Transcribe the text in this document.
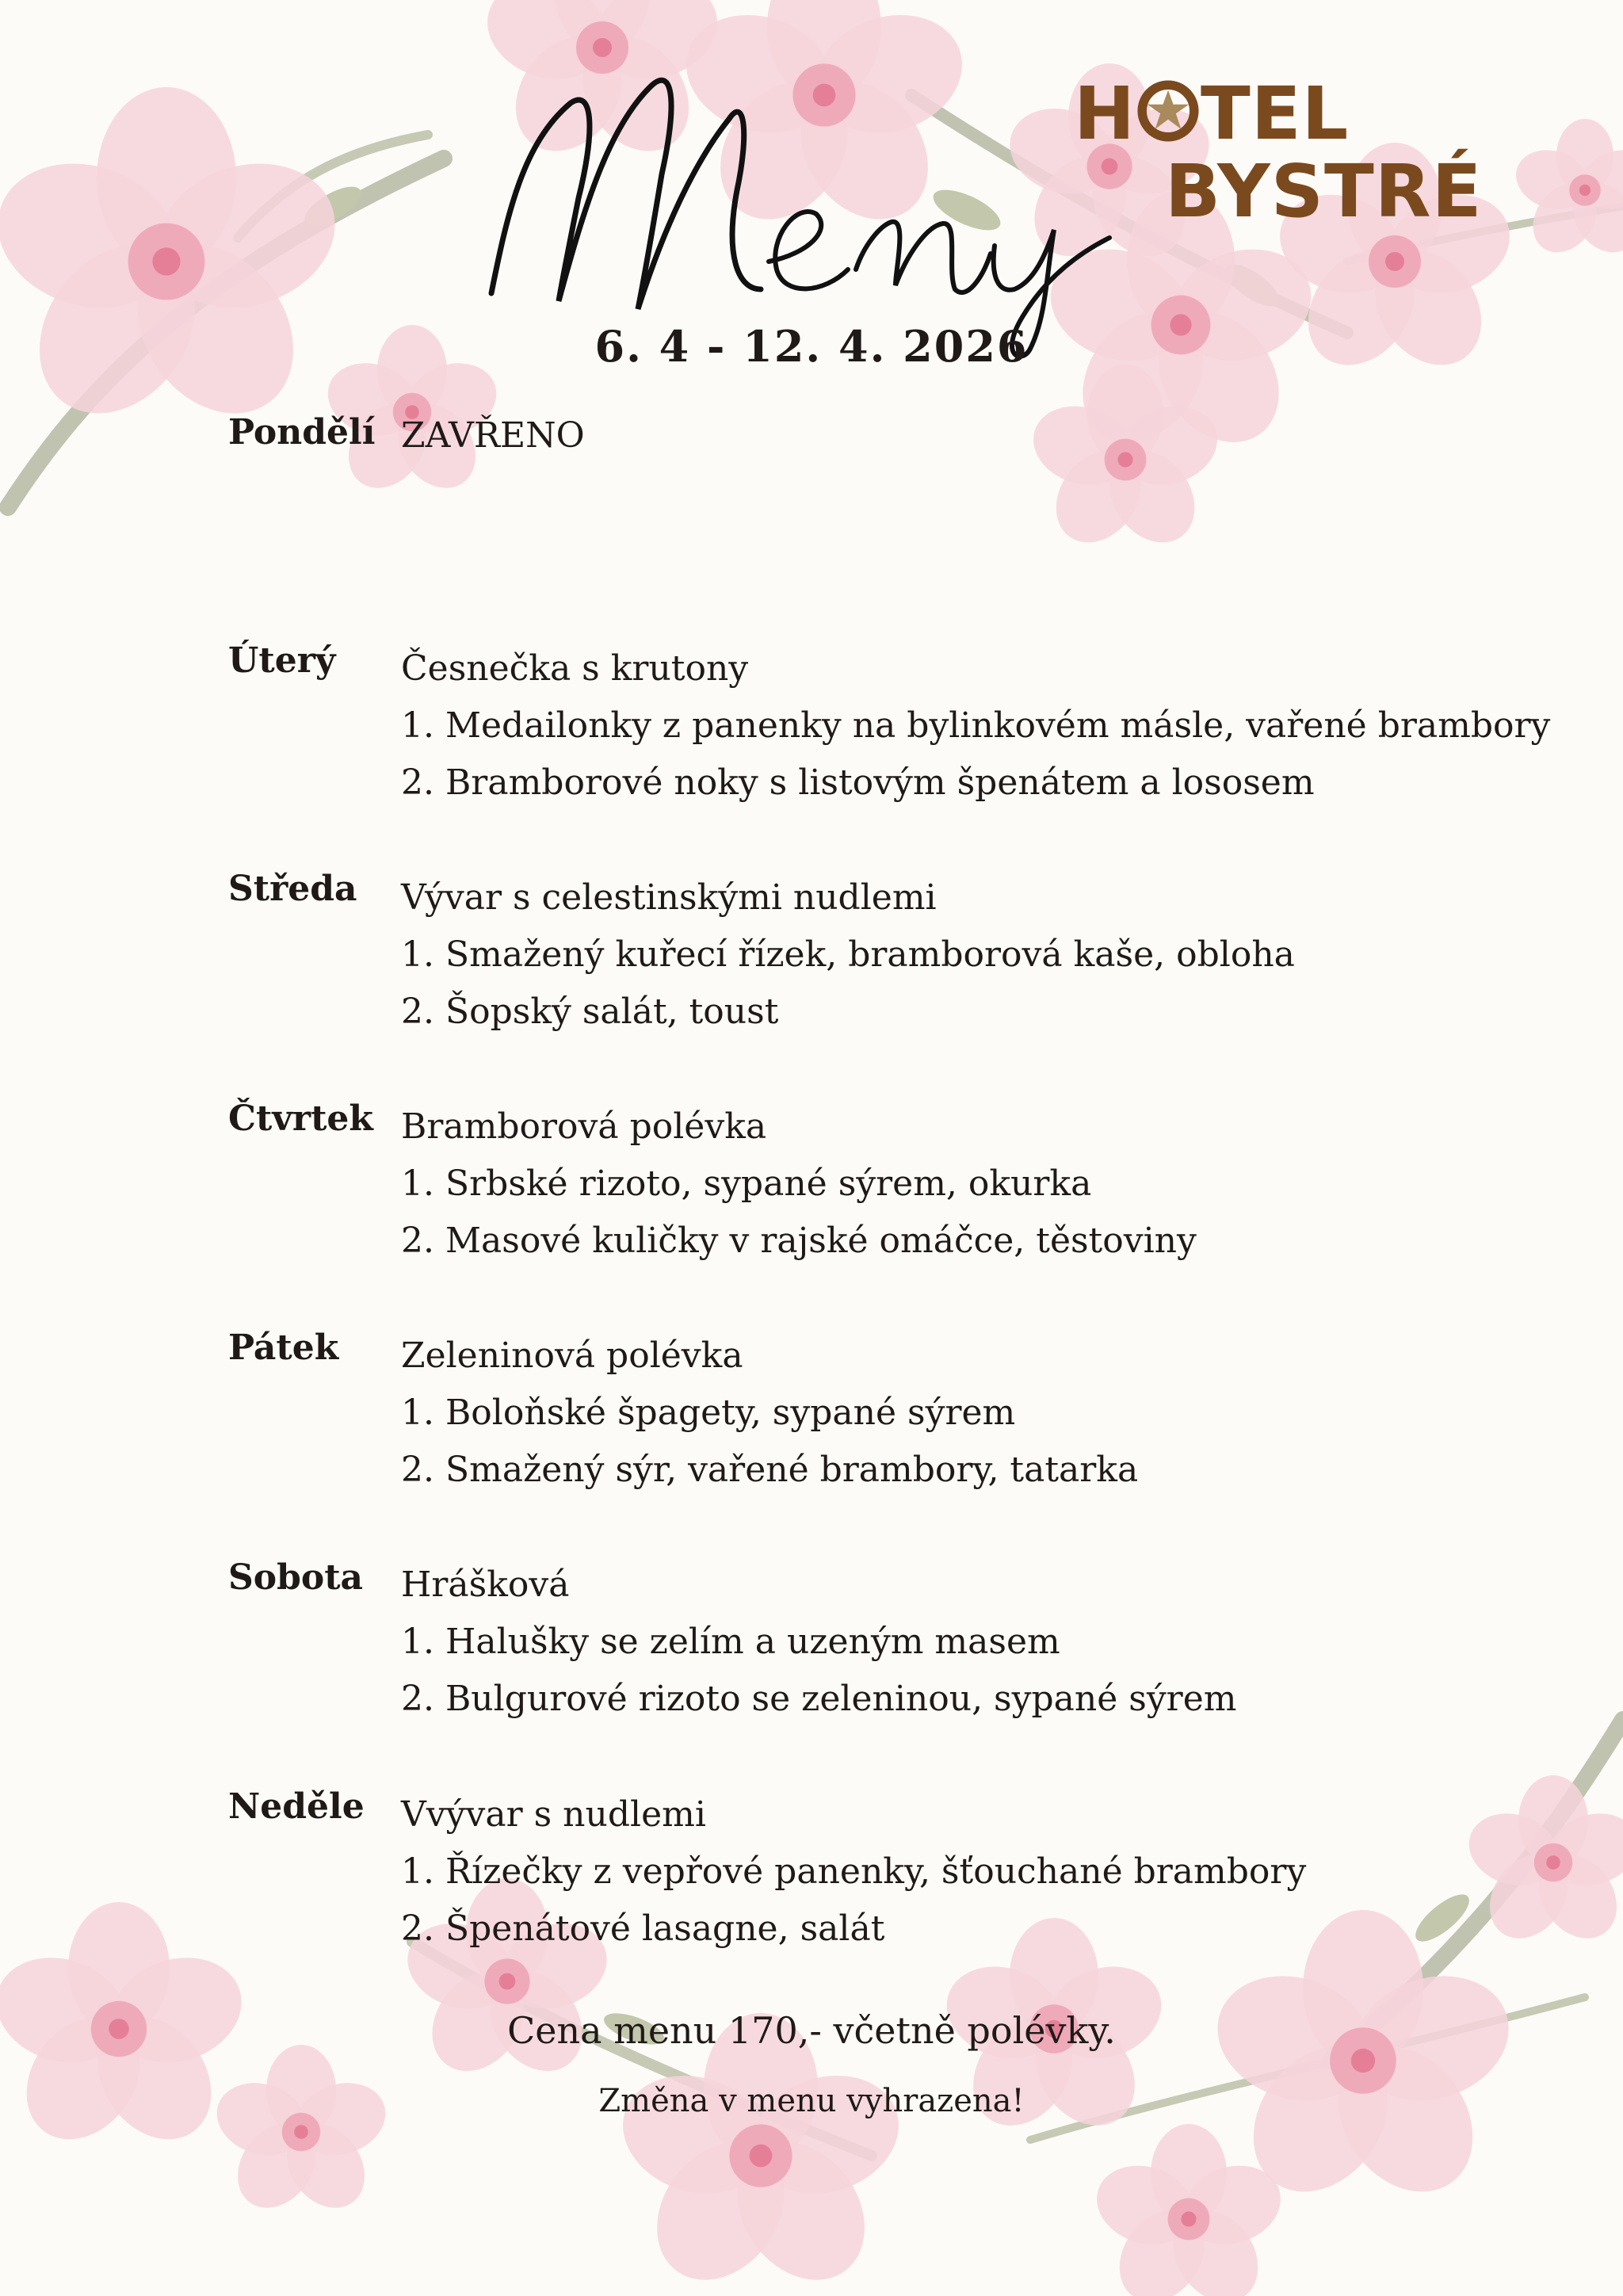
Menu
H TEL
BYSTRÉ
6. 4 - 12. 4. 2026
Pondělí ZAVŘENO
Úterý Česnečka s krutony
1. Medailonky z panenky na bylinkovém másle, vařené brambory
2. Bramborové noky s listovým špenátem a lososem
Středa Vývar s celestinskými nudlemi
1. Smažený kuřecí řízek, bramborová kaše, obloha
2. Šopský salát, toust
Čtvrtek Bramborová polévka
1. Srbské rizoto, sypané sýrem, okurka
2. Masové kuličky v rajské omáčce, těstoviny
Pátek Zeleninová polévka
1. Boloňské špagety, sypané sýrem
2. Smažený sýr, vařené brambory, tatarka
Sobota Hrášková
1. Halušky se zelím a uzeným masem
2. Bulgurové rizoto se zeleninou, sypané sýrem
Neděle Vvývar s nudlemi
1. Řízečky z vepřové panenky, šťouchané brambory
2. Špenátové lasagne, salát
Cena menu 170,- včetně polévky.
Změna v menu vyhrazena!
